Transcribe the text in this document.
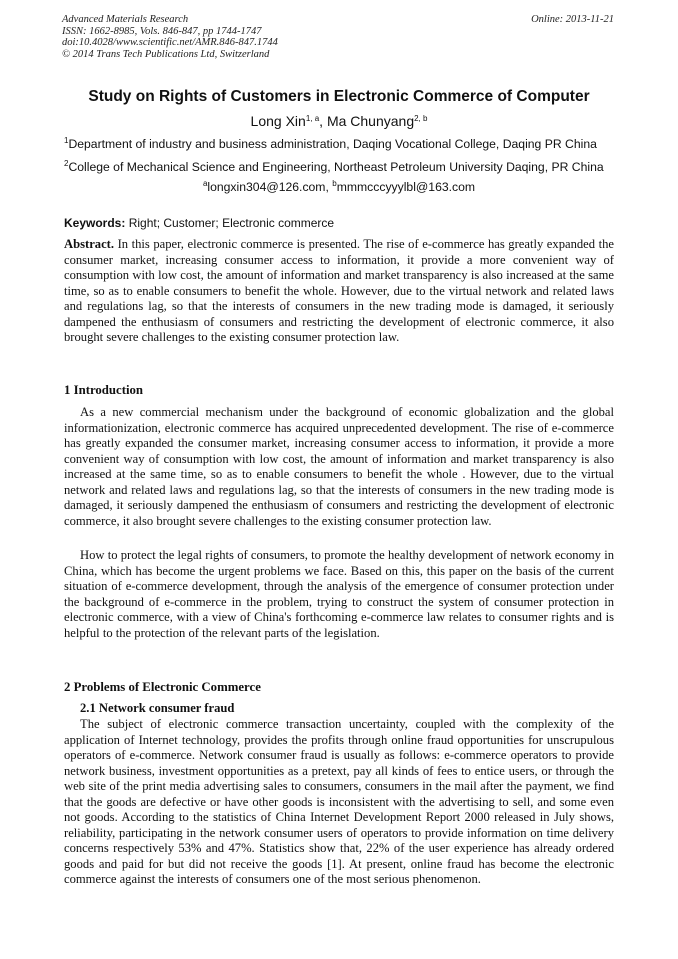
Advanced Materials Research
ISSN: 1662-8985, Vols. 846-847, pp 1744-1747
doi:10.4028/www.scientific.net/AMR.846-847.1744
© 2014 Trans Tech Publications Ltd, Switzerland
Online: 2013-11-21
Study on Rights of Customers in Electronic Commerce of Computer
Long Xin$^{1, a}$, Ma Chunyang$^{2, b}$
$^1$Department of industry and business administration, Daqing Vocational College, Daqing PR China
$^2$College of Mechanical Science and Engineering, Northeast Petroleum University Daqing, PR China
$^a$longxin304@126.com, $^b$mmmcccyyylbl@163.com
Keywords: Right; Customer; Electronic commerce
Abstract. In this paper, electronic commerce is presented. The rise of e-commerce has greatly expanded the consumer market, increasing consumer access to information, it provide a more convenient way of consumption with low cost, the amount of information and market transparency is also increased at the same time, so as to enable consumers to benefit the whole. However, due to the virtual network and related laws and regulations lag, so that the interests of consumers in the new trading mode is damaged, it seriously dampened the enthusiasm of consumers and restricting the development of electronic commerce, it also brought severe challenges to the existing consumer protection law.
1 Introduction
As a new commercial mechanism under the background of economic globalization and the global informationization, electronic commerce has acquired unprecedented development. The rise of e-commerce has greatly expanded the consumer market, increasing consumer access to information, it provide a more convenient way of consumption with low cost, the amount of information and market transparency is also increased at the same time, so as to enable consumers to benefit the whole . However, due to the virtual network and related laws and regulations lag, so that the interests of consumers in the new trading mode is damaged, it seriously dampened the enthusiasm of consumers and restricting the development of electronic commerce, it also brought severe challenges to the existing consumer protection law.
How to protect the legal rights of consumers, to promote the healthy development of network economy in China, which has become the urgent problems we face. Based on this, this paper on the basis of the current situation of e-commerce development, through the analysis of the emergence of consumer protection under the background of e-commerce in the problem, trying to construct the system of consumer protection in electronic commerce, with a view of China's forthcoming e-commerce law relates to consumer rights and is helpful to the protection of the relevant parts of the legislation.
2 Problems of Electronic Commerce
2.1 Network consumer fraud
The subject of electronic commerce transaction uncertainty, coupled with the complexity of the application of Internet technology, provides the profits through online fraud opportunities for unscrupulous operators of e-commerce. Network consumer fraud is usually as follows: e-commerce operators to provide network business, investment opportunities as a pretext, pay all kinds of fees to entice users, or through the web site of the print media advertising sales to consumers, consumers in the mail after the payment, we find that the goods are defective or have other goods is inconsistent with the advertising to sell, and some even not goods. According to the statistics of China Internet Development Report 2000 released in July shows, reliability, participating in the network consumer users of operators to provide information on time delivery concerns respectively 53% and 47%. Statistics show that, 22% of the user experience has already ordered goods and paid for but did not receive the goods [1]. At present, online fraud has become the electronic commerce against the interests of consumers one of the most serious phenomenon.
